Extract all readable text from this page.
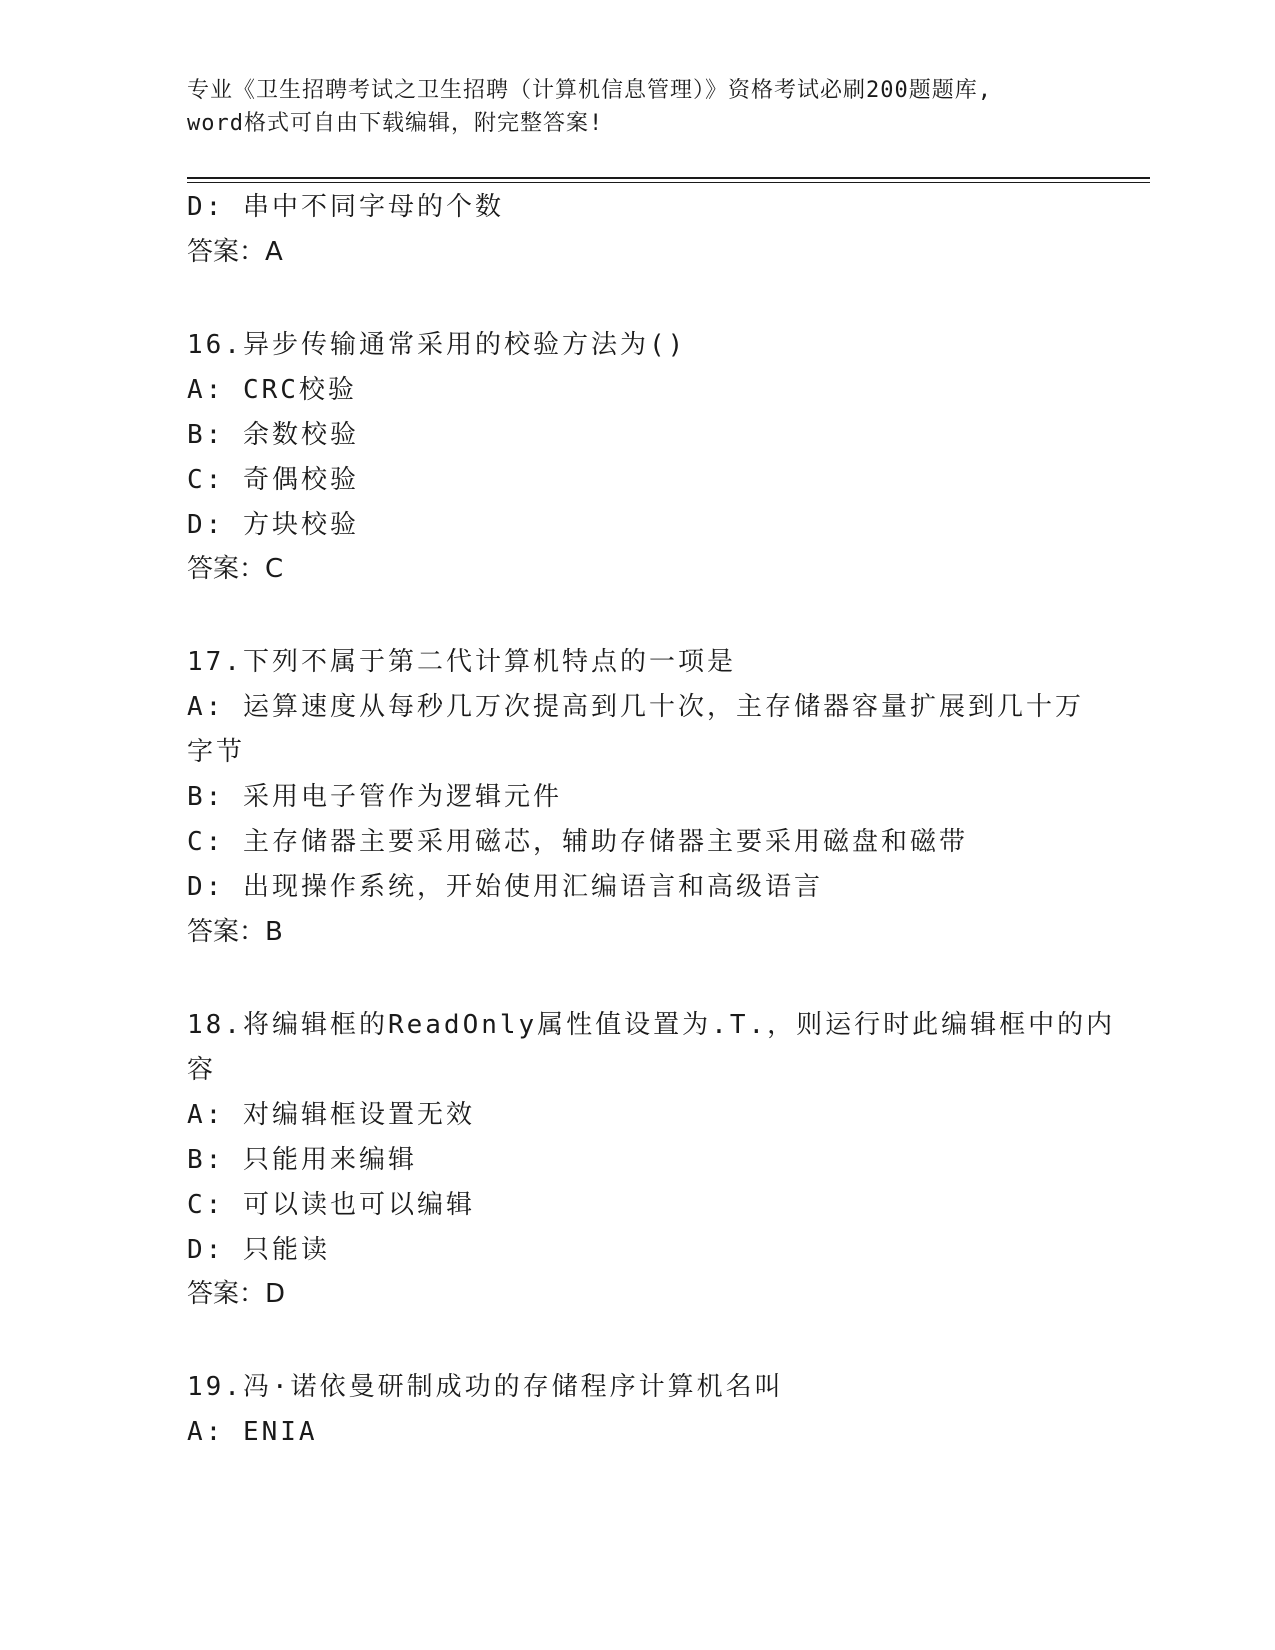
专业《卫生招聘考试之卫生招聘（计算机信息管理）》资格考试必刷200题题库,
word格式可自由下载编辑，附完整答案!
D: 串中不同字母的个数
答案：A
16.异步传输通常采用的校验方法为()
A: CRC校验
B: 余数校验
C: 奇偶校验
D: 方块校验
答案：C
17.下列不属于第二代计算机特点的一项是
A: 运算速度从每秒几万次提高到几十次，主存储器容量扩展到几十万
字节
B: 采用电子管作为逻辑元件
C: 主存储器主要采用磁芯，辅助存储器主要采用磁盘和磁带
D: 出现操作系统，开始使用汇编语言和高级语言
答案：B
18.将编辑框的ReadOnly属性值设置为.T.，则运行时此编辑框中的内
容
A: 对编辑框设置无效
B: 只能用来编辑
C: 可以读也可以编辑
D: 只能读
答案：D
19.冯·诺依曼研制成功的存储程序计算机名叫
A: ENIA
